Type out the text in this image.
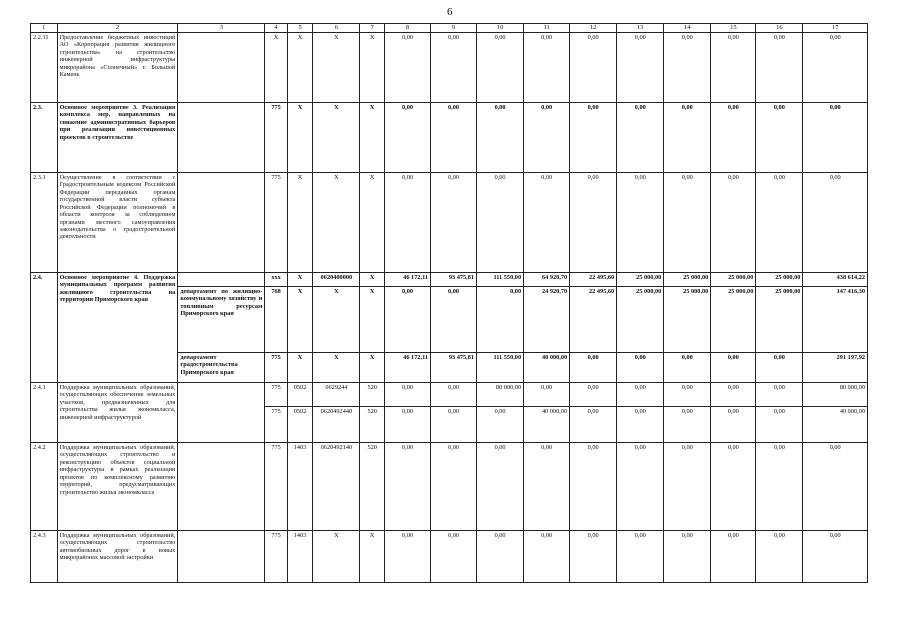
6
1	2	3	4	5	6	7	8	9	10	11	12	13	14	15	16	17
2.2.11	Предоставление бюджетных инвестиций АО «Корпорация развития жилищного строительства» на строительство инженерной инфраструктуры микрорайона «Солнечный» г. Большой Камень		X	X	X	X	0,00	0,00	0,00	0,00	0,00	0,00	0,00	0,00	0,00	0,00
2.3.	Основное мероприятие 3. Реализация комплекса мер, направленных на снижение административных барьеров при реализации инвестиционных проектов в строительстве		775	X	X	X	0,00	0,00	0,00	0,00	0,00	0,00	0,00	0,00	0,00	0,00
2.3.1	Осуществление в соответствии с Градостроительным кодексом Российской Федерации переданных органам государственной власти субъекта Российской Федерации полномочий в области контроля за соблюдением органами местного самоуправления законодательства о градостроительной деятельности		775	X	X	X	0,00	0,00	0,00	0,00	0,00	0,00	0,00	0,00	0,00	0,00
2.4.	Основное мероприятие 4. Поддержка муниципальных программ развития жилищного строительства на территории Приморского края		ххх	X	0620400000	X	46 172,11	93 475,81	111 550,00	64 920,70	22 495,60	25 000,00	25 000,00	25 000,00	25 000,00	438 614,22
		департамент по жилищно-коммунальному хозяйству и топливным ресурсам Приморского края	768	X	X	X	0,00	0,00	0,00	24 920,70	22 495,60	25 000,00	25 000,00	25 000,00	25 000,00	147 416,30
		департамент градостроительства Приморского края	775	X	X	X	46 172,11	93 475,81	111 550,00	40 000,00	0,00	0,00	0,00	0,00	0,00	291 197,92
2.4.1	Поддержка муниципальных образований, осуществляющих обеспечение земельных участков, предназначенных для строительства жилья экономкласса, инженерной инфраструктурой		775	0502	0629244	520	0,00	0,00	80 000,00	0,00	0,00	0,00	0,00	0,00	0,00	80 000,00
			775	0502	0620492440	520	0,00	0,00	0,00	40 000,00	0,00	0,00	0,00	0,00	0,00	40 000,00
2.4.2	Поддержка муниципальных образований, осуществляющих строительство и реконструкцию объектов социальной инфраструктуры в рамках реализации проектов по комплексному развитию территорий, предусматривающих строительство жилья экономкласса		775	1403	0620492140	520	0,00	0,00	0,00	0,00	0,00	0,00	0,00	0,00	0,00	0,00
2.4.3	Поддержка муниципальных образований, осуществляющих строительство автомобильных дорог в новых микрорайонах массовой застройки		775	1403	X	X	0,00	0,00	0,00	0,00	0,00	0,00	0,00	0,00	0,00	0,00
